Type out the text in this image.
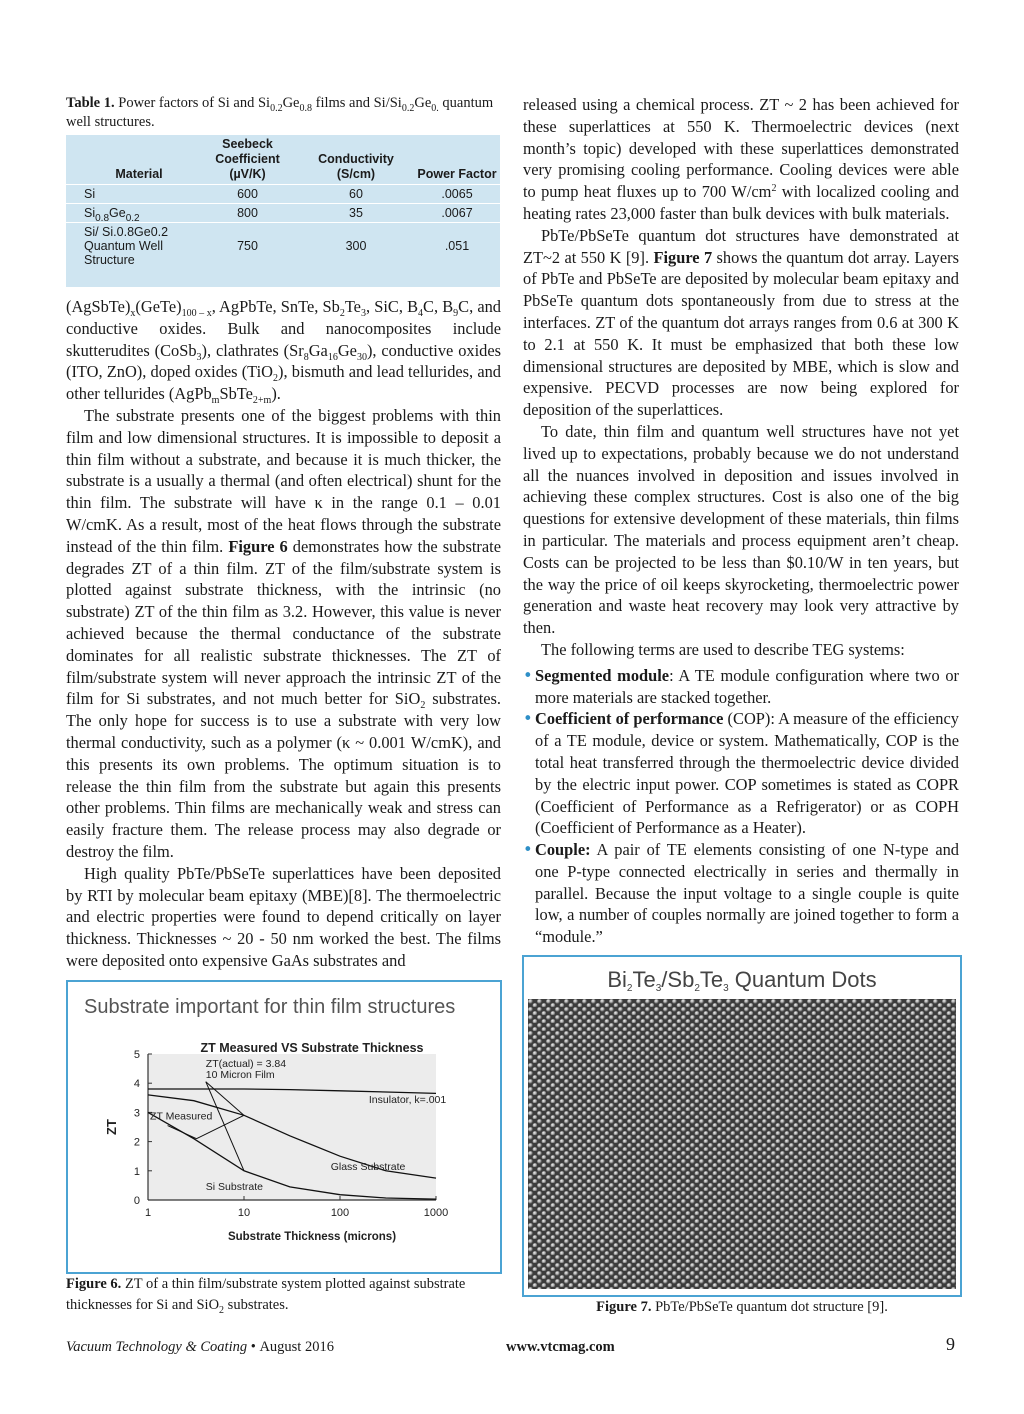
Table 1. Power factors of Si and $Si_{0.2}Ge_{0.8}$ films and $Si/Si_{0.2}Ge_{0.}$ quantum well structures.
Material	Seebeck Coefficient (µV/K)	Conductivity (S/cm)	Power Factor
Si	600	60	.0065
$Si_{0.8}Ge_{0.2}$	800	35	.0067
Si/ Si.0.8Ge0.2 Quantum Well Structure	750	300	.051

$(AgSbTe)_x(GeTe)_{100 - x}$, AgPbTe, SnTe, $Sb_2Te_3$, SiC, $B_4C$, $B_9C$, and conductive oxides. Bulk and nanocomposites include skutterudites (CoSb$_3$), clathrates $(Sr_8Ga_{16}Ge_{30})$, conductive oxides (ITO, ZnO), doped oxides (TiO$_2$), bismuth and lead tellurides, and other tellurides (AgPb$_m$SbTe$_{2+m}$).

The substrate presents one of the biggest problems with thin film and low dimensional structures. It is impossible to deposit a thin film without a substrate, and because it is much thicker, the substrate is a usually a thermal (and often electrical) shunt for the thin film. The substrate will have κ in the range 0.1 – 0.01 W/cmK. As a result, most of the heat flows through the substrate instead of the thin film. Figure 6 demonstrates how the substrate degrades ZT of a thin film. ZT of the film/substrate system is plotted against substrate thickness, with the intrinsic (no substrate) ZT of the thin film as 3.2. However, this value is never achieved because the thermal conductance of the substrate dominates for all realistic substrate thicknesses. The ZT of film/substrate system will never approach the intrinsic ZT of the film for Si substrates, and not much better for SiO$_2$ substrates. The only hope for success is to use a substrate with very low thermal conductivity, such as a polymer (κ ~ 0.001 W/cmK), and this presents its own problems. The optimum situation is to release the thin film from the substrate but again this presents other problems. Thin films are mechanically weak and stress can easily fracture them. The release process may also degrade or destroy the film.

High quality PbTe/PbSeTe superlattices have been deposited by RTI by molecular beam epitaxy (MBE)[8]. The thermoelectric and electric properties were found to depend critically on layer thickness. Thicknesses ~ 20 - 50 nm worked the best. The films were deposited onto expensive GaAs substrates and

released using a chemical process. ZT ~ 2 has been achieved for these superlattices at 550 K. Thermoelectric devices (next month’s topic) developed with these superlattices demonstrated very promising cooling performance. Cooling devices were able to pump heat fluxes up to 700 $W/cm^2$ with localized cooling and heating rates 23,000 faster than bulk devices with bulk materials.

PbTe/PbSeTe quantum dot structures have demonstrated at ZT~2 at 550 K [9]. Figure 7 shows the quantum dot array. Layers of PbTe and PbSeTe are deposited by molecular beam epitaxy and PbSeTe quantum dots spontaneously from due to stress at the interfaces. ZT of the quantum dot arrays ranges from 0.6 at 300 K to 2.1 at 550 K. It must be emphasized that both these low dimensional structures are deposited by MBE, which is slow and expensive. PECVD processes are now being explored for deposition of the superlattices.

To date, thin film and quantum well structures have not yet lived up to expectations, probably because we do not understand all the nuances involved in deposition and issues involved in achieving these complex structures. Cost is also one of the big questions for extensive development of these materials, thin films in particular. The materials and process equipment aren’t cheap. Costs can be projected to be less than $0.10/W in ten years, but the way the price of oil keeps skyrocketing, thermoelectric power generation and waste heat recovery may look very attractive by then.

The following terms are used to describe TEG systems:

• Segmented module: A TE module configuration where two or more materials are stacked together.
• Coefficient of performance (COP): A measure of the efficiency of a TE module, device or system. Mathematically, COP is the total heat transferred through the thermoelectric device divided by the electric input power. COP sometimes is stated as COPR (Coefficient of Performance as a Refrigerator) or as COPH (Coefficient of Performance as a Heater).
• Couple: A pair of TE elements consisting of one N-type and one P-type connected electrically in series and thermally in parallel. Because the input voltage to a single couple is quite low, a number of couples normally are joined together to form a “module.”
Substrate important for thin film structures
ZT Measured VS Substrate Thickness
0
1
2
3
4
5
1	10	100	1000
Substrate Thickness (microns)
ZT
Insulator, k=.001
Glass Substrate
Si Substrate
ZT(actual) = 3.84
10 Micron Film
ZT Measured
Figure 6. ZT of a thin film/substrate system plotted against substrate thicknesses for Si and SiO$_2$ substrates.
$Bi_2Te_3/Sb_2Te_3$ Quantum Dots
Figure 7. PbTe/PbSeTe quantum dot structure [9].
Vacuum Technology & Coating • August 2016	www.vtcmag.com	9
